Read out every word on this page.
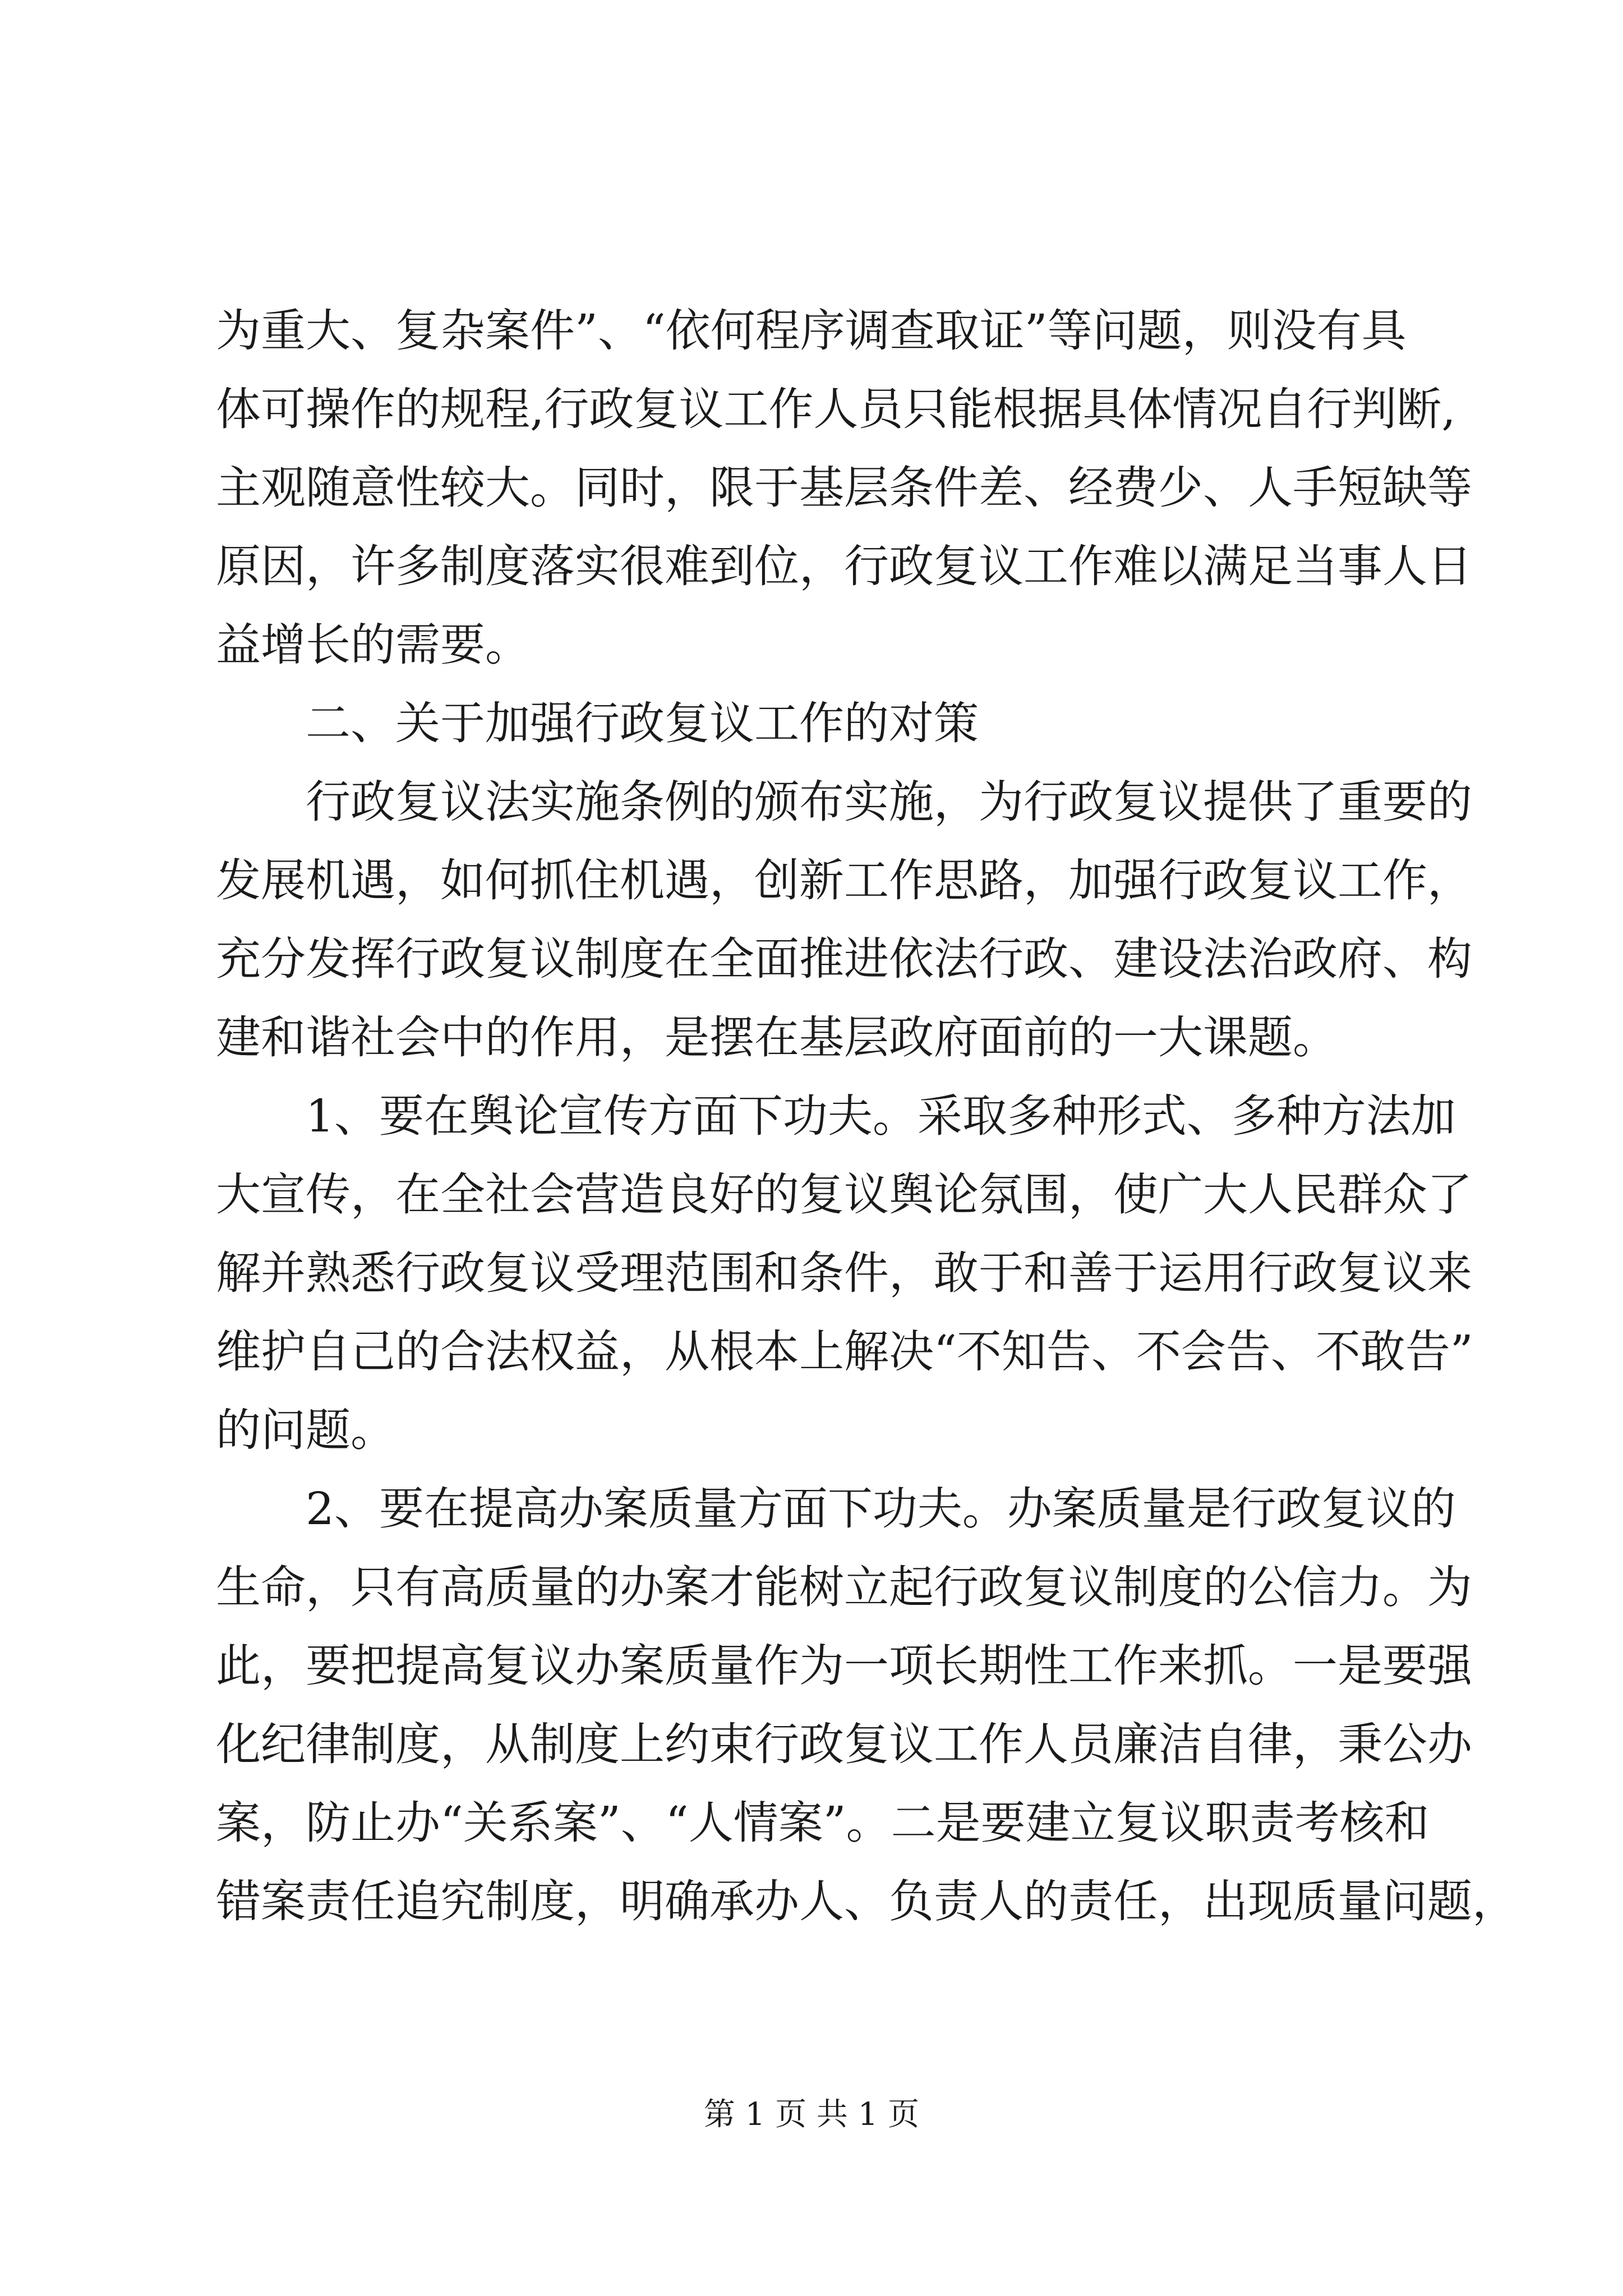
为重大、复杂案件”、“依何程序调查取证”等问题，则没有具
体可操作的规程,行政复议工作人员只能根据具体情况自行判断,
主观随意性较大。同时，限于基层条件差、经费少、人手短缺等
原因，许多制度落实很难到位，行政复议工作难以满足当事人日
益增长的需要。
二、关于加强行政复议工作的对策
行政复议法实施条例的颁布实施，为行政复议提供了重要的
发展机遇，如何抓住机遇，创新工作思路，加强行政复议工作，
充分发挥行政复议制度在全面推进依法行政、建设法治政府、构
建和谐社会中的作用，是摆在基层政府面前的一大课题。
1、要在舆论宣传方面下功夫。采取多种形式、多种方法加
大宣传，在全社会营造良好的复议舆论氛围，使广大人民群众了
解并熟悉行政复议受理范围和条件，敢于和善于运用行政复议来
维护自己的合法权益，从根本上解决“不知告、不会告、不敢告”
的问题。
2、要在提高办案质量方面下功夫。办案质量是行政复议的
生命，只有高质量的办案才能树立起行政复议制度的公信力。为
此，要把提高复议办案质量作为一项长期性工作来抓。一是要强
化纪律制度，从制度上约束行政复议工作人员廉洁自律，秉公办
案，防止办“关系案”、“人情案”。二是要建立复议职责考核和
错案责任追究制度，明确承办人、负责人的责任，出现质量问题，
第 1 页 共 1 页
